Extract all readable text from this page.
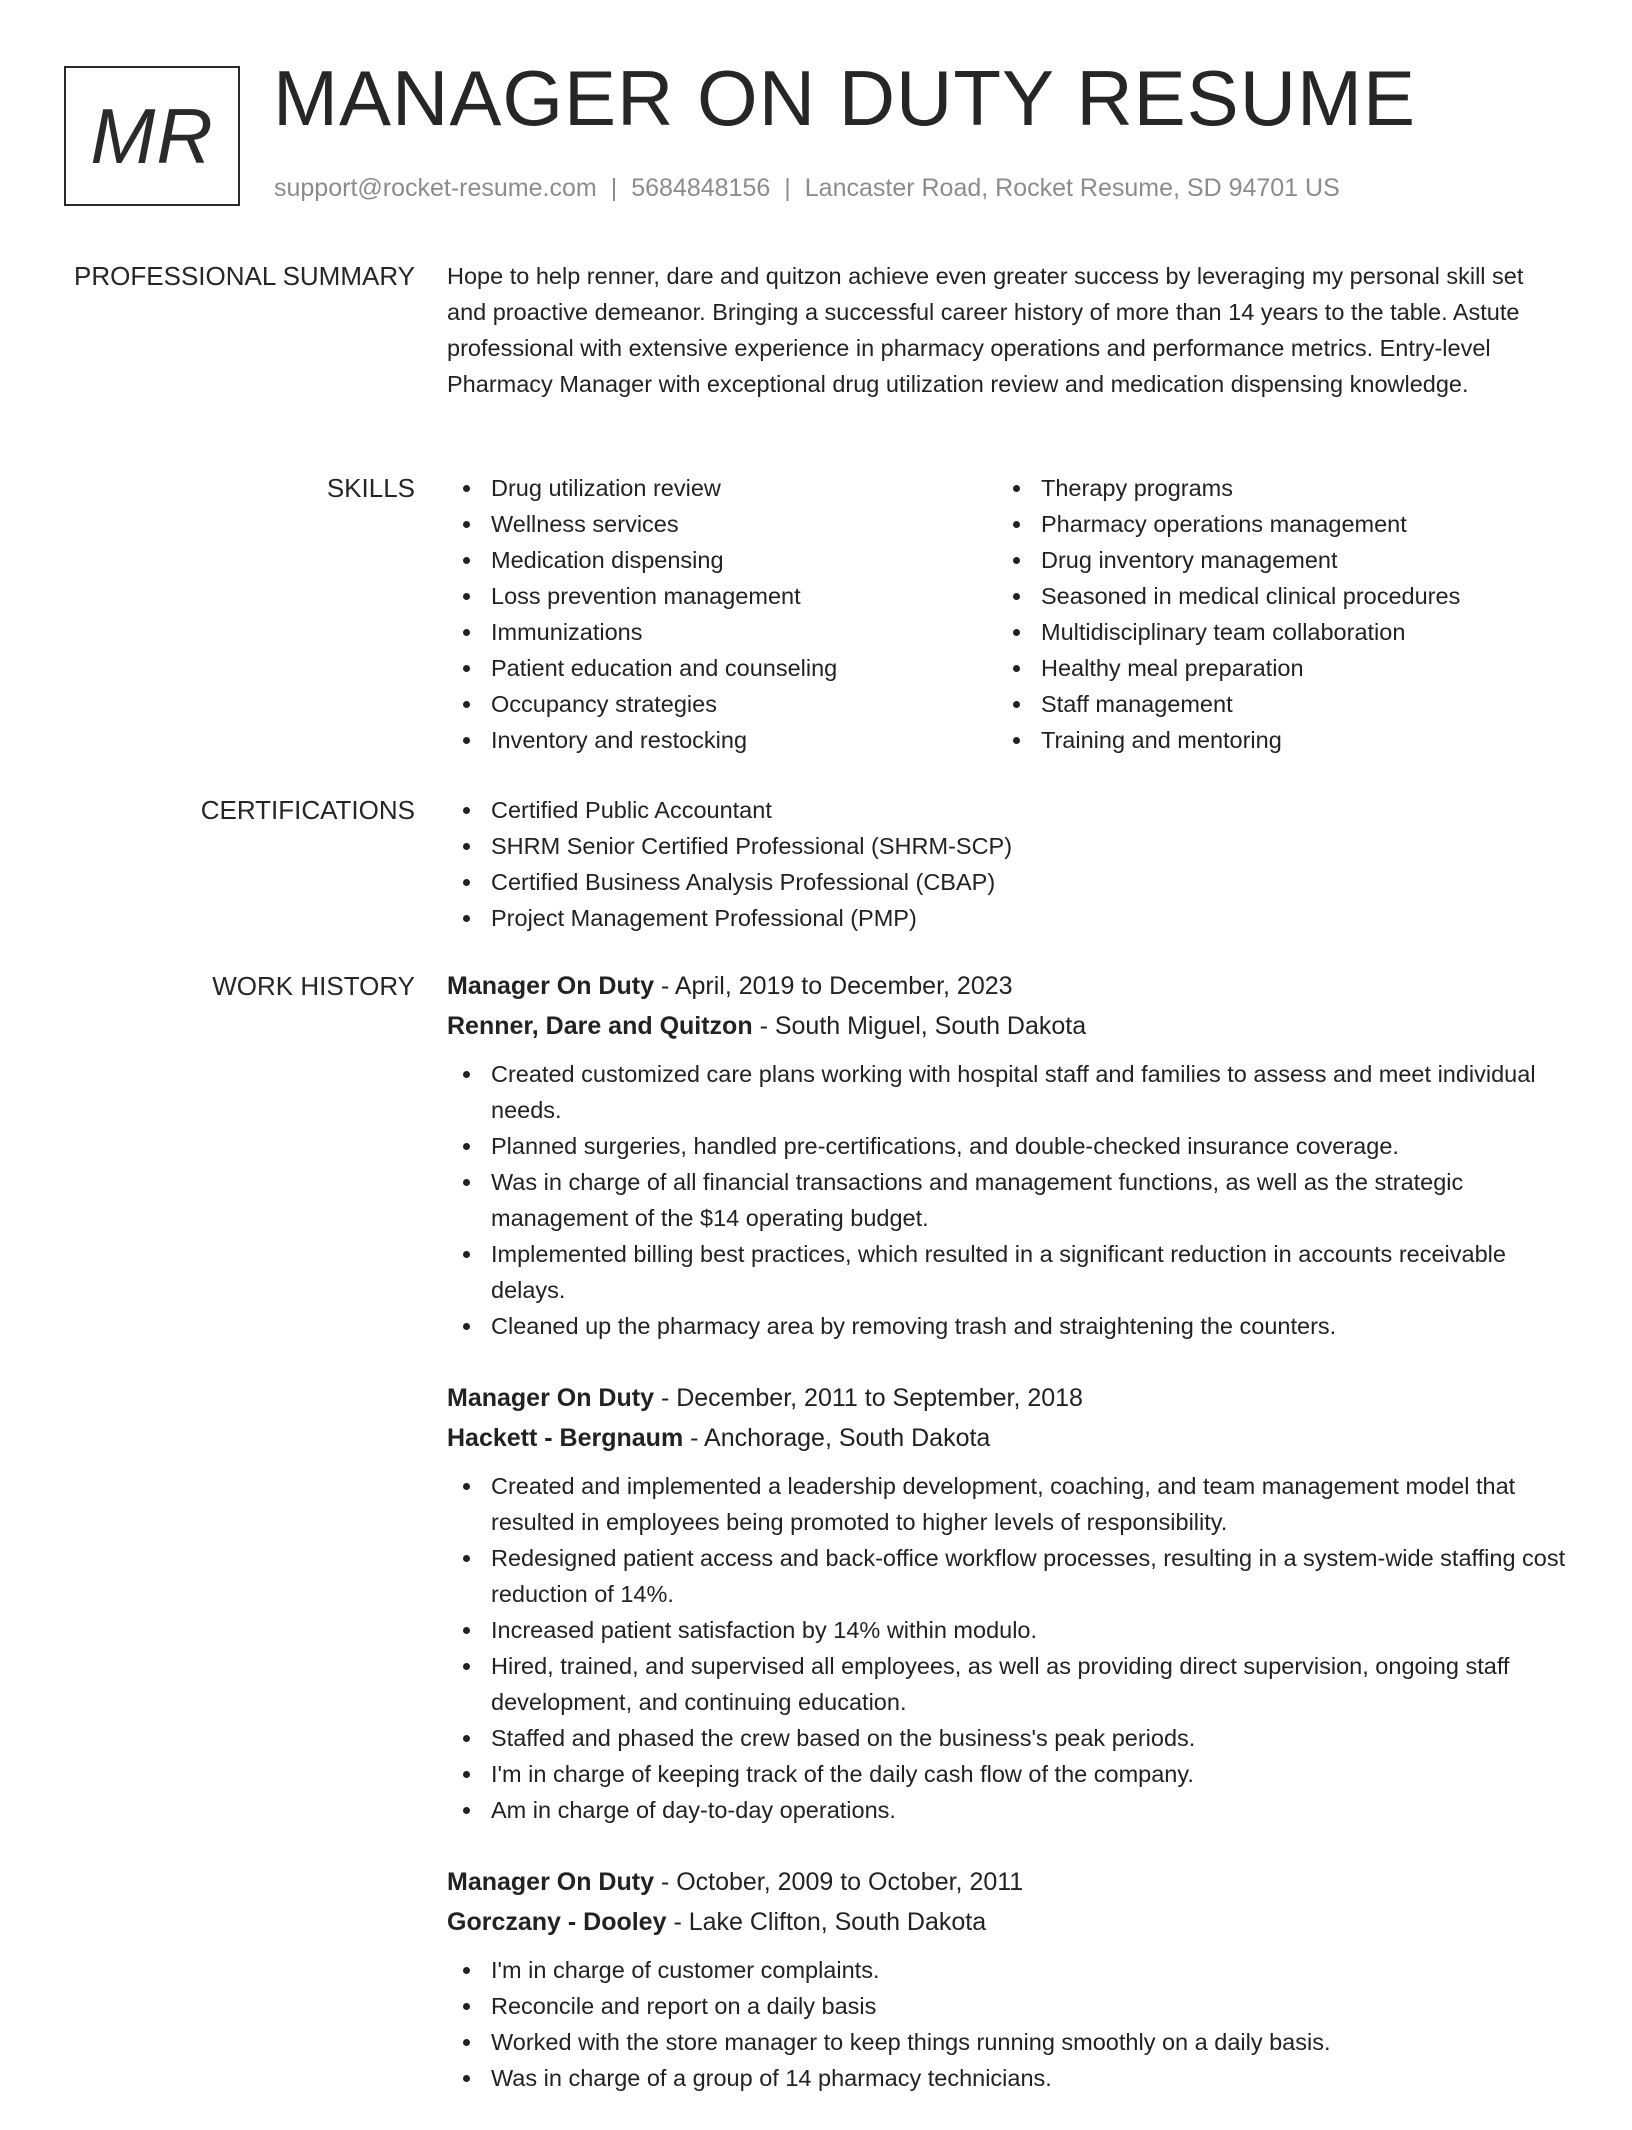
MR MANAGER ON DUTY RESUME
support@rocket-resume.com | 5684848156 | Lancaster Road, Rocket Resume, SD 94701 US
PROFESSIONAL SUMMARY Hope to help renner, dare and quitzon achieve even greater success by leveraging my personal skill set and proactive demeanor. Bringing a successful career history of more than 14 years to the table. Astute professional with extensive experience in pharmacy operations and performance metrics. Entry-level Pharmacy Manager with exceptional drug utilization review and medication dispensing knowledge.

SKILLS	Drug utilization review
Wellness services
Medication dispensing
Loss prevention management
Immunizations
Patient education and counseling
Occupancy strategies
Inventory and restocking
Therapy programs
Pharmacy operations management
Drug inventory management
Seasoned in medical clinical procedures
Multidisciplinary team collaboration
Healthy meal preparation
Staff management
Training and mentoring
CERTIFICATIONS	Certified Public Accountant
SHRM Senior Certified Professional (SHRM-SCP)
Certified Business Analysis Professional (CBAP)
Project Management Professional (PMP)
WORK HISTORY Manager On Duty - April, 2019 to December, 2023
Renner, Dare and Quitzon - South Miguel, South Dakota
Created customized care plans working with hospital staff and families to assess and meet individual needs.
Planned surgeries, handled pre-certifications, and double-checked insurance coverage.
Was in charge of all financial transactions and management functions, as well as the strategic management of the $14 operating budget.
Implemented billing best practices, which resulted in a significant reduction in accounts receivable delays.
Cleaned up the pharmacy area by removing trash and straightening the counters.
Manager On Duty - December, 2011 to September, 2018
Hackett - Bergnaum - Anchorage, South Dakota
Created and implemented a leadership development, coaching, and team management model that resulted in employees being promoted to higher levels of responsibility.
Redesigned patient access and back-office workflow processes, resulting in a system-wide staffing cost reduction of 14%.
Increased patient satisfaction by 14% within modulo.
Hired, trained, and supervised all employees, as well as providing direct supervision, ongoing staff development, and continuing education.
Staffed and phased the crew based on the business's peak periods.
I'm in charge of keeping track of the daily cash flow of the company.
Am in charge of day-to-day operations.
Manager On Duty - October, 2009 to October, 2011
Gorczany - Dooley - Lake Clifton, South Dakota
I'm in charge of customer complaints.
Reconcile and report on a daily basis
Worked with the store manager to keep things running smoothly on a daily basis.
Was in charge of a group of 14 pharmacy technicians.
